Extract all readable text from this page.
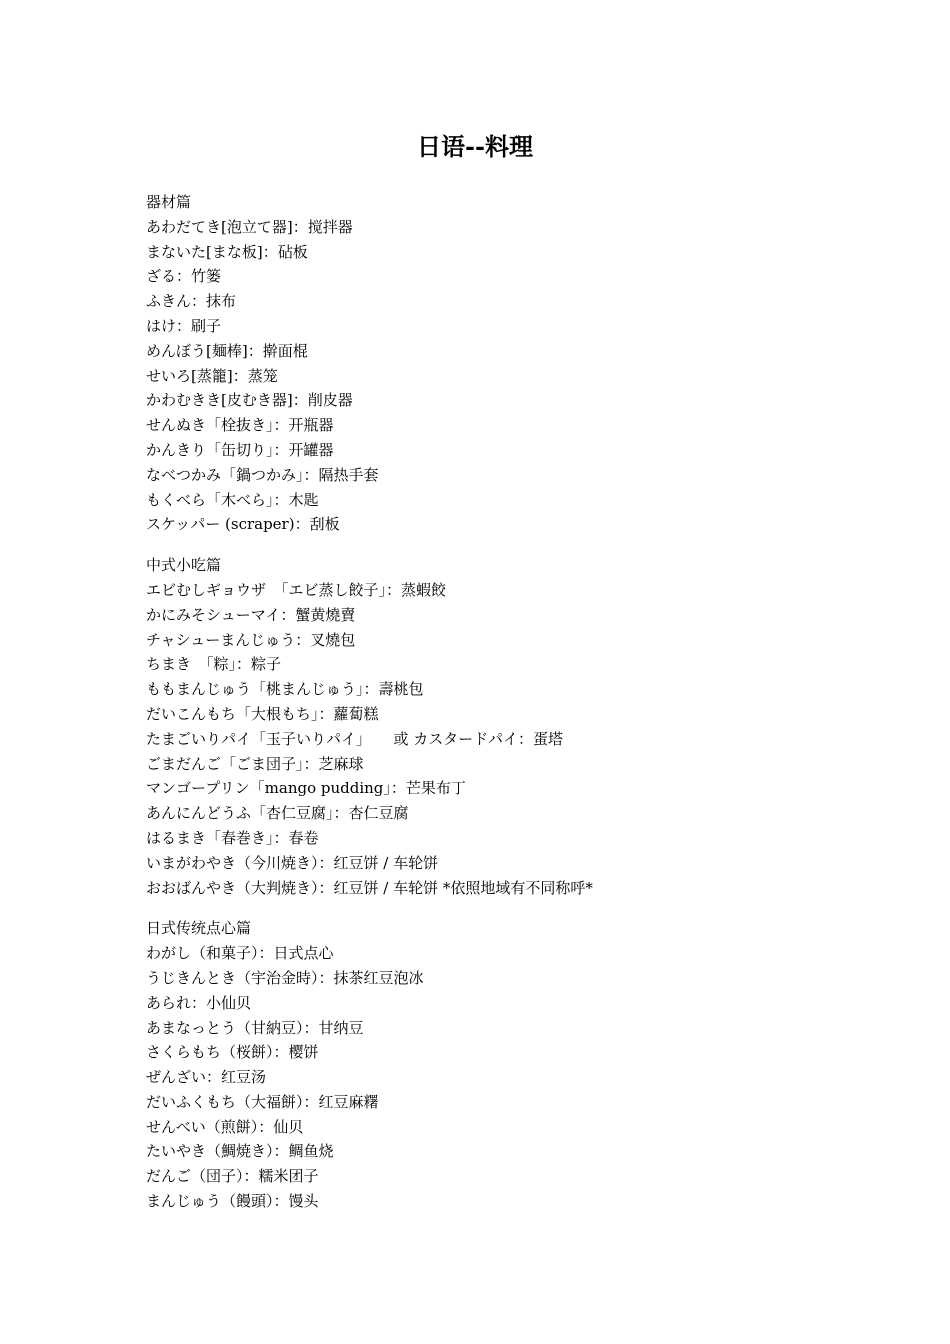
日语--料理
器材篇
あわだてき[泡立て器]：搅拌器
まないた[まな板]：砧板
ざる：竹篓
ふきん：抹布
はけ：刷子
めんぼう[麺棒]：擀面棍
せいろ[蒸籠]：蒸笼
かわむきき[皮むき器]：削皮器
せんぬき「栓抜き」：开瓶器
かんきり「缶切り」：开罐器
なべつかみ「鍋つかみ」：隔热手套
もくべら「木べら」：木匙
スケッパー (scraper)：刮板
中式小吃篇
エビむしギョウザ　「エビ蒸し餃子」：蒸蝦餃
かにみそシューマイ：蟹黄燒賣
チャシューまんじゅう：叉燒包
ちまき　「粽」：粽子
ももまんじゅう「桃まんじゅう」：壽桃包
だいこんもち「大根もち」：蘿蔔糕
たまごいりパイ「玉子いりパイ」　　或 カスタードパイ：蛋塔
ごまだんご「ごま団子」：芝麻球
マンゴープリン「mango pudding」：芒果布丁
あんにんどうふ「杏仁豆腐」：杏仁豆腐
はるまき「春巻き」：春卷
いまがわやき（今川焼き）：红豆饼 / 车轮饼
おおばんやき（大判焼き）：红豆饼 / 车轮饼 *依照地域有不同称呼*
日式传统点心篇
わがし（和菓子）：日式点心
うじきんとき（宇治金時）：抹茶红豆泡冰
あられ：小仙贝
あまなっとう（甘納豆）：甘纳豆
さくらもち（桜餅）：樱饼
ぜんざい：红豆汤
だいふくもち（大福餅）：红豆麻糬
せんべい（煎餅）：仙贝
たいやき（鯛焼き）：鲷鱼烧
だんご（団子）：糯米团子
まんじゅう（饅頭）：馒头
